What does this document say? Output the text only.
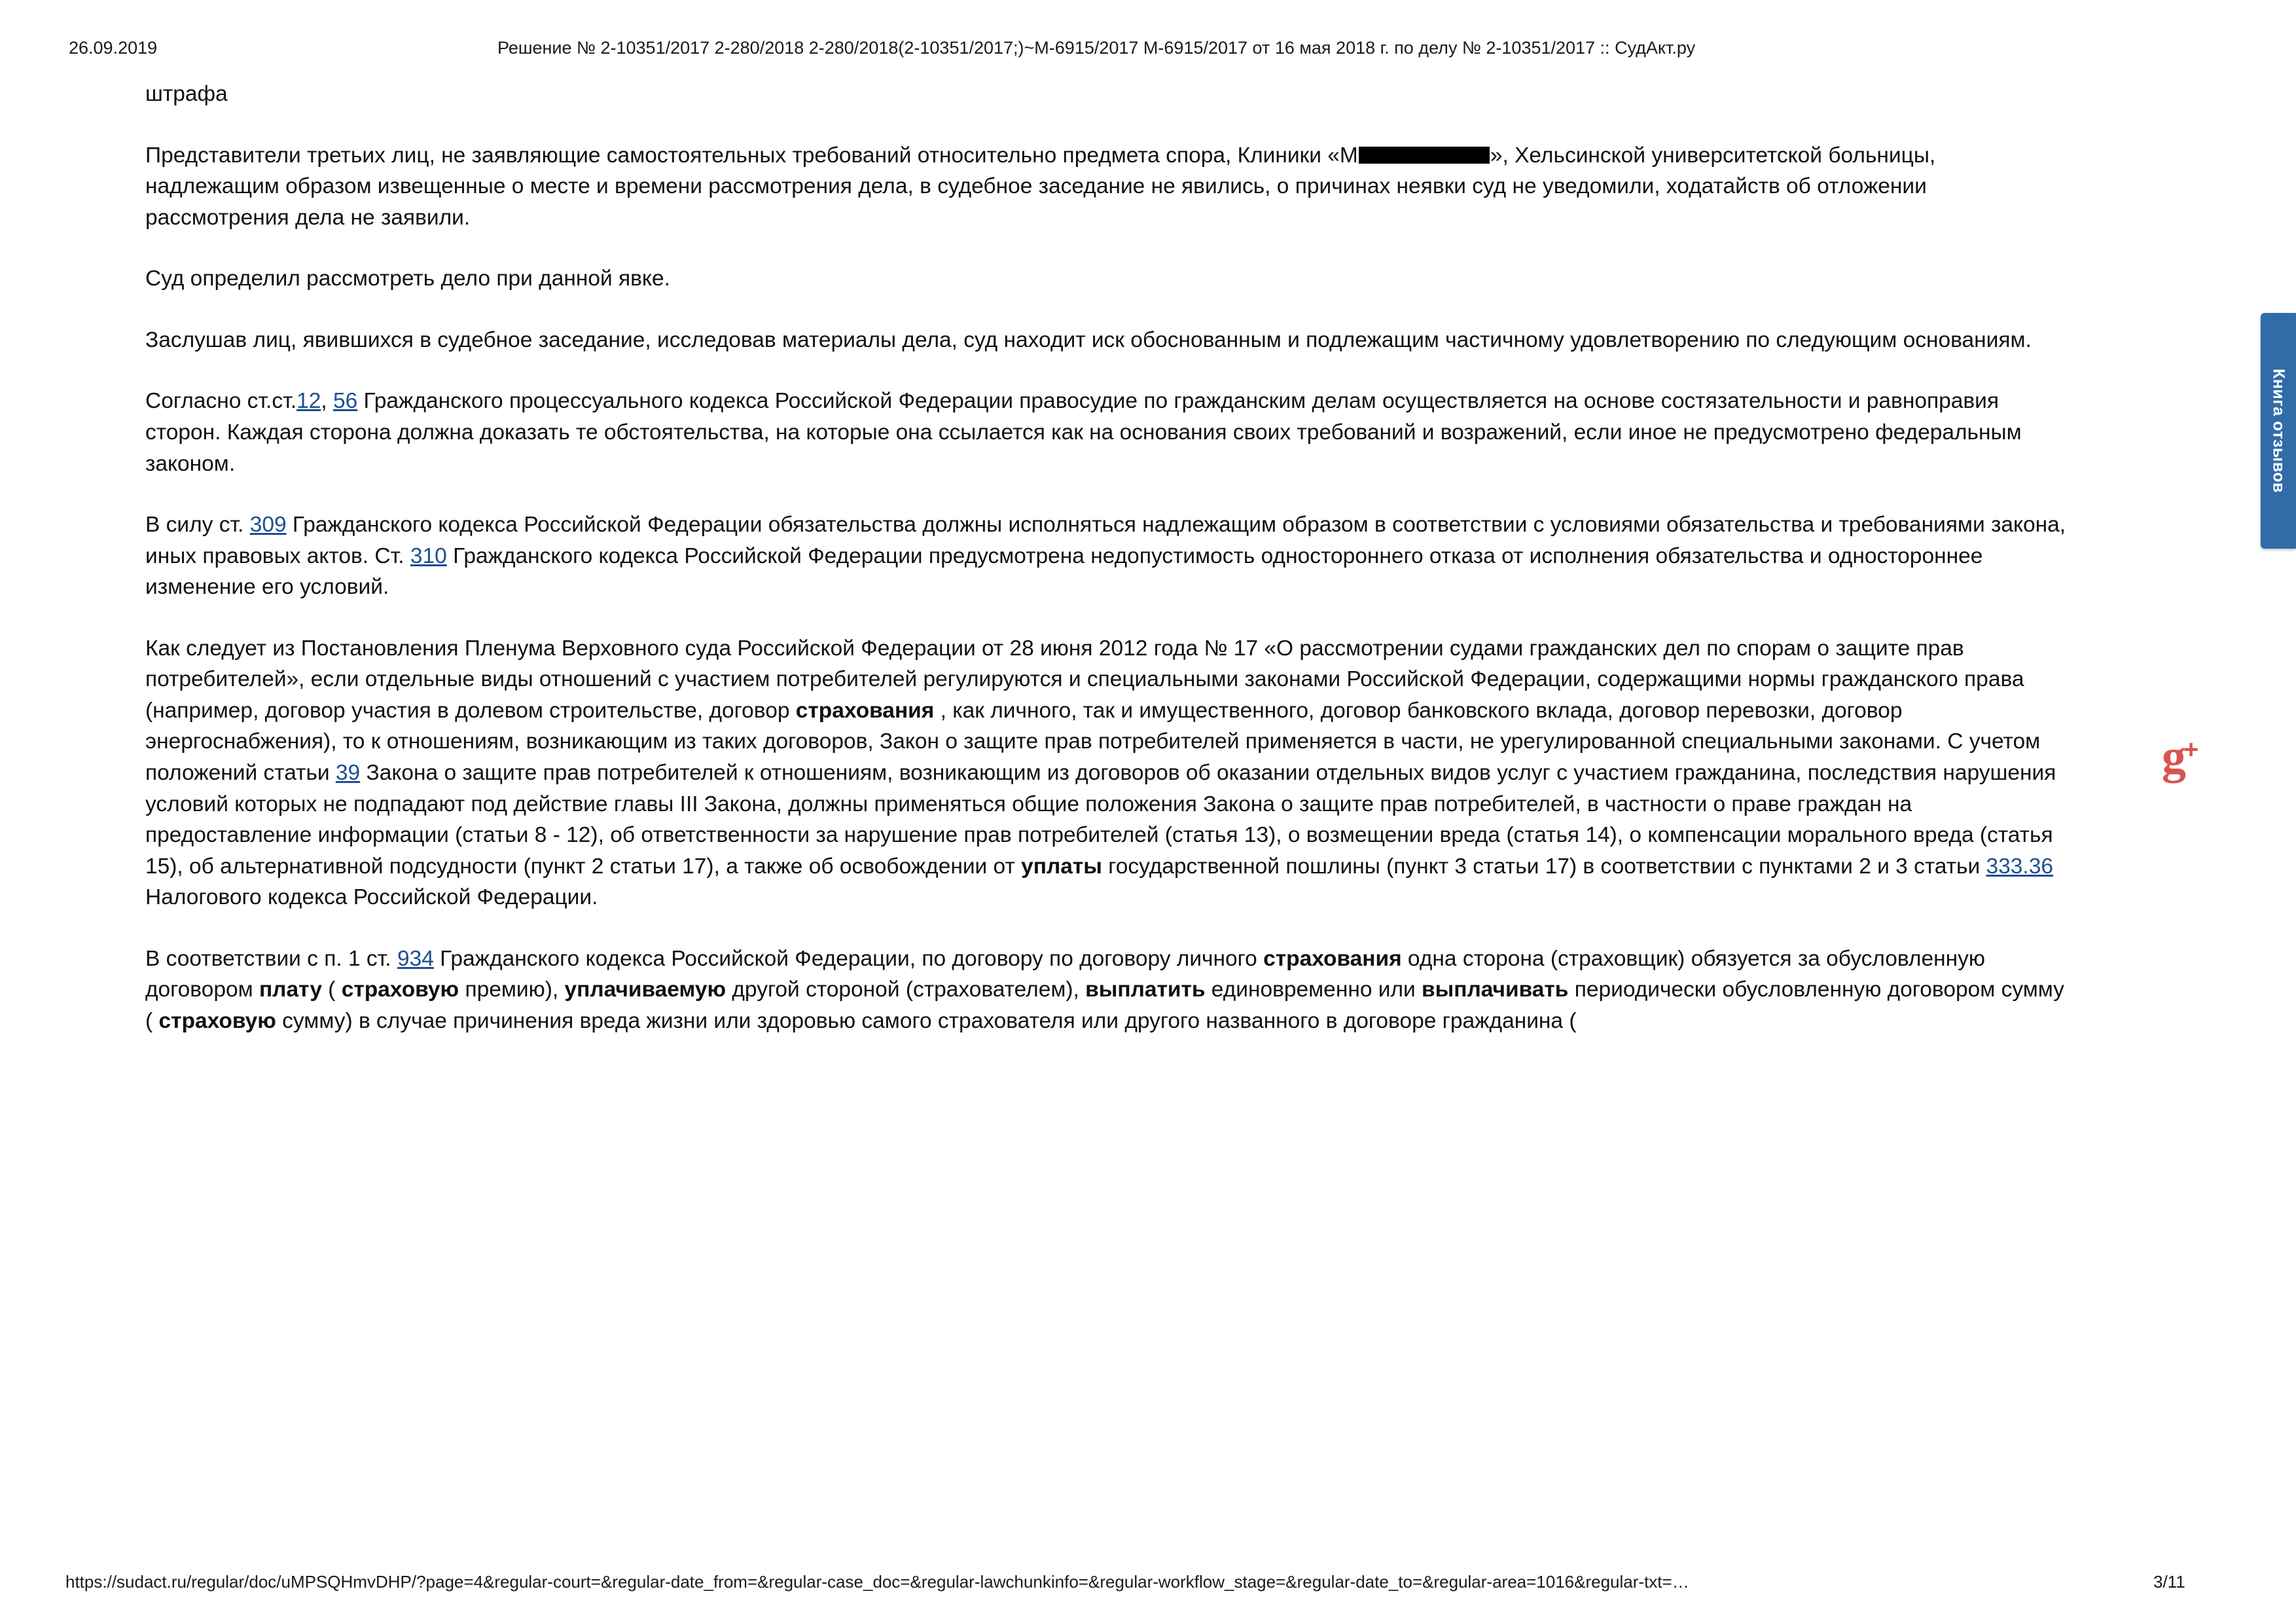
26.09.2019	Решение № 2-10351/2017 2-280/2018 2-280/2018(2-10351/2017;)~М-6915/2017 М-6915/2017 от 16 мая 2018 г. по делу № 2-10351/2017 :: СудАкт.ру

штрафа

Представители третьих лиц, не заявляющие самостоятельных требований относительно предмета спора, Клиники «М	», Хельсинской университетской больницы, надлежащим образом извещенные о месте и времени рассмотрения дела, в судебное заседание не явились, о причинах неявки суд не уведомили, ходатайств об отложении рассмотрения дела не заявили.

Суд определил рассмотреть дело при данной явке.

Заслушав лиц, явившихся в судебное заседание, исследовав материалы дела, суд находит иск обоснованным и подлежащим частичному удовлетворению по следующим основаниям.

Согласно ст.ст.12, 56 Гражданского процессуального кодекса Российской Федерации правосудие по гражданским делам осуществляется на основе состязательности и равноправия сторон. Каждая сторона должна доказать те обстоятельства, на которые она ссылается как на основания своих требований и возражений, если иное не предусмотрено федеральным законом.

В силу ст. 309 Гражданского кодекса Российской Федерации обязательства должны исполняться надлежащим образом в соответствии с условиями обязательства и требованиями закона, иных правовых актов. Ст. 310 Гражданского кодекса Российской Федерации предусмотрена недопустимость одностороннего отказа от исполнения обязательства и одностороннее изменение его условий.

Как следует из Постановления Пленума Верховного суда Российской Федерации от 28 июня 2012 года № 17 «О рассмотрении судами гражданских дел по спорам о защите прав потребителей», если отдельные виды отношений с участием потребителей регулируются и специальными законами Российской Федерации, содержащими нормы гражданского права (например, договор участия в долевом строительстве, договор страхования , как личного, так и имущественного, договор банковского вклада, договор перевозки, договор энергоснабжения), то к отношениям, возникающим из таких договоров, Закон о защите прав потребителей применяется в части, не урегулированной специальными законами. С учетом положений статьи 39 Закона о защите прав потребителей к отношениям, возникающим из договоров об оказании отдельных видов услуг с участием гражданина, последствия нарушения условий которых не подпадают под действие главы III Закона, должны применяться общие положения Закона о защите прав потребителей, в частности о праве граждан на предоставление информации (статьи 8 - 12), об ответственности за нарушение прав потребителей (статья 13), о возмещении вреда (статья 14), о компенсации морального вреда (статья 15), об альтернативной подсудности (пункт 2 статьи 17), а также об освобождении от уплаты государственной пошлины (пункт 3 статьи 17) в соответствии с пунктами 2 и 3 статьи 333.36 Налогового кодекса Российской Федерации.

В соответствии с п. 1 ст. 934 Гражданского кодекса Российской Федерации, по договору по договору личного страхования одна сторона (страховщик) обязуется за обусловленную договором плату ( страховую премию), уплачиваемую другой стороной (страхователем), выплатить единовременно или выплачивать периодически обусловленную договором сумму ( страховую сумму) в случае причинения вреда жизни или здоровью самого страхователя или другого названного в договоре гражданина (

Книга отзывов
g
+
https://sudact.ru/regular/doc/uMPSQHmvDHP/?page=4&regular-court=&regular-date_from=&regular-case_doc=&regular-lawchunkinfo=&regular-workflow_stage=&regular-date_to=&regular-area=1016&regular-txt=…	3/11
